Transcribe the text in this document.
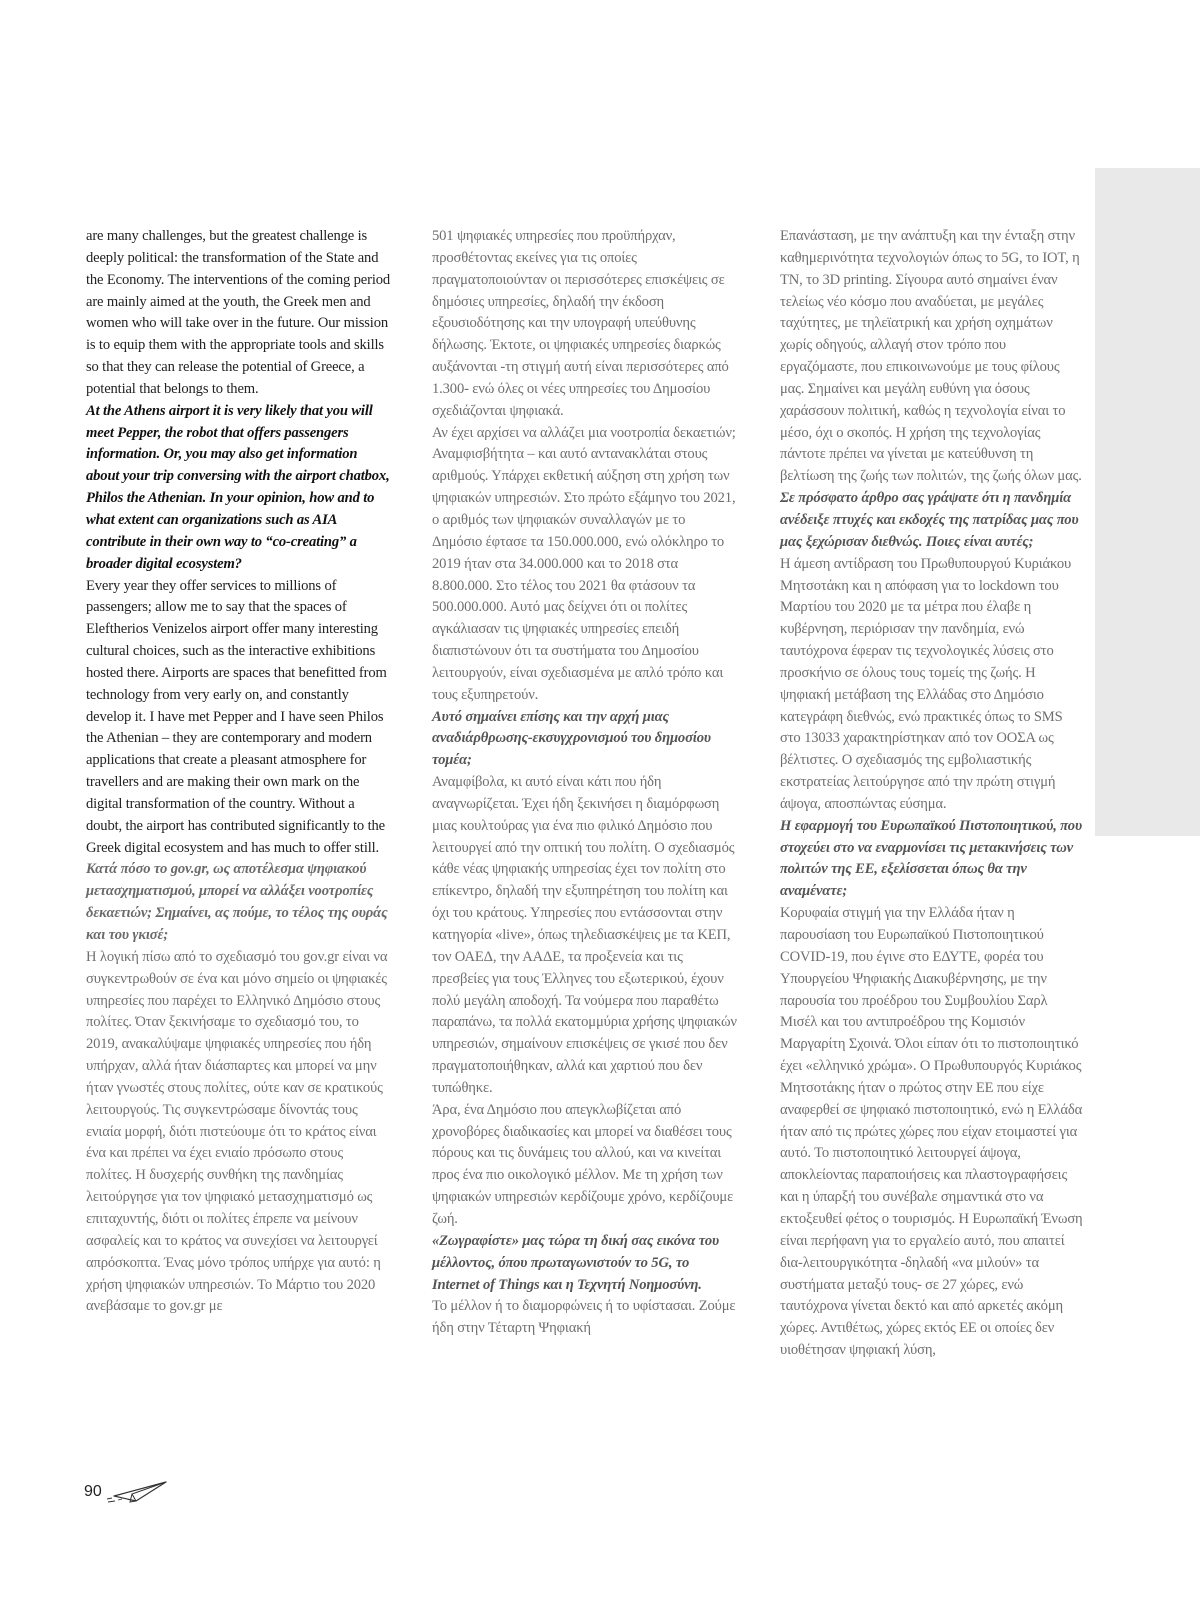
are many challenges, but the greatest challenge is deeply political: the transformation of the State and the Economy. The interventions of the coming period are mainly aimed at the youth, the Greek men and women who will take over in the future. Our mission is to equip them with the appropriate tools and skills so that they can release the potential of Greece, a potential that belongs to them.

At the Athens airport it is very likely that you will meet Pepper, the robot that offers passengers information. Or, you may also get information about your trip conversing with the airport chatbox, Philos the Athenian. In your opinion, how and to what extent can organizations such as AIA contribute in their own way to “co-creating” a broader digital ecosystem?

Every year they offer services to millions of passengers; allow me to say that the spaces of Eleftherios Venizelos airport offer many interesting cultural choices, such as the interactive exhibitions hosted there. Airports are spaces that benefitted from technology from very early on, and constantly develop it. I have met Pepper and I have seen Philos the Athenian – they are contemporary and modern applications that create a pleasant atmosphere for travellers and are making their own mark on the digital transformation of the country. Without a doubt, the airport has contributed significantly to the Greek digital ecosystem and has much to offer still.

Κατά πόσο το gov.gr, ως αποτέλεσμα ψηφιακού μετασχηματισμού, μπορεί να αλλάξει νοοτροπίες δεκαετιών; Σημαίνει, ας πούμε, το τέλος της ουράς και του γκισέ;

Η λογική πίσω από το σχεδιασμό του gov.gr είναι να συγκεντρωθούν σε ένα και μόνο σημείο οι ψηφιακές υπηρεσίες που παρέχει το Ελληνικό Δημόσιο στους πολίτες. Όταν ξεκινήσαμε το σχεδιασμό του, το 2019, ανακαλύψαμε ψηφιακές υπηρεσίες που ήδη υπήρχαν, αλλά ήταν διάσπαρτες και μπορεί να μην ήταν γνωστές στους πολίτες, ούτε καν σε κρατικούς λειτουργούς. Τις συγκεντρώσαμε δίνοντάς τους ενιαία μορφή, διότι πιστεύουμε ότι το κράτος είναι ένα και πρέπει να έχει ενιαίο πρόσωπο στους πολίτες. Η δυσχερής συνθήκη της πανδημίας λειτούργησε για τον ψηφιακό μετασχηματισμό ως επιταχυντής, διότι οι πολίτες έπρεπε να μείνουν ασφαλείς και το κράτος να συνεχίσει να λειτουργεί απρόσκοπτα. Ένας μόνο τρόπος υπήρχε για αυτό: η χρήση ψηφιακών υπηρεσιών. Το Μάρτιο του 2020 ανεβάσαμε το gov.gr με

501 ψηφιακές υπηρεσίες που προϋπήρχαν, προσθέτοντας εκείνες για τις οποίες πραγματοποιούνταν οι περισσότερες επισκέψεις σε δημόσιες υπηρεσίες, δηλαδή την έκδοση εξουσιοδότησης και την υπογραφή υπεύθυνης δήλωσης. Έκτοτε, οι ψηφιακές υπηρεσίες διαρκώς αυξάνονται -τη στιγμή αυτή είναι περισσότερες από 1.300- ενώ όλες οι νέες υπηρεσίες του Δημοσίου σχεδιάζονται ψηφιακά.

Αν έχει αρχίσει να αλλάζει μια νοοτροπία δεκαετιών; Αναμφισβήτητα – και αυτό αντανακλάται στους αριθμούς. Υπάρχει εκθετική αύξηση στη χρήση των ψηφιακών υπηρεσιών. Στο πρώτο εξάμηνο του 2021, ο αριθμός των ψηφιακών συναλλαγών με το Δημόσιο έφτασε τα 150.000.000, ενώ ολόκληρο το 2019 ήταν στα 34.000.000 και το 2018 στα 8.800.000. Στο τέλος του 2021 θα φτάσουν τα 500.000.000. Αυτό μας δείχνει ότι οι πολίτες αγκάλιασαν τις ψηφιακές υπηρεσίες επειδή διαπιστώνουν ότι τα συστήματα του Δημοσίου λειτουργούν, είναι σχεδιασμένα με απλό τρόπο και τους εξυπηρετούν.

Αυτό σημαίνει επίσης και την αρχή μιας αναδιάρθρωσης-εκσυγχρονισμού του δημοσίου τομέα;

Αναμφίβολα, κι αυτό είναι κάτι που ήδη αναγνωρίζεται. Έχει ήδη ξεκινήσει η διαμόρφωση μιας κουλτούρας για ένα πιο φιλικό Δημόσιο που λειτουργεί από την οπτική του πολίτη. Ο σχεδιασμός κάθε νέας ψηφιακής υπηρεσίας έχει τον πολίτη στο επίκεντρο, δηλαδή την εξυπηρέτηση του πολίτη και όχι του κράτους. Υπηρεσίες που εντάσσονται στην κατηγορία «live», όπως τηλεδιασκέψεις με τα ΚΕΠ, τον ΟΑΕΔ, την ΑΑΔΕ, τα προξενεία και τις πρεσβείες για τους Έλληνες του εξωτερικού, έχουν πολύ μεγάλη αποδοχή. Τα νούμερα που παραθέτω παραπάνω, τα πολλά εκατομμύρια χρήσης ψηφιακών υπηρεσιών, σημαίνουν επισκέψεις σε γκισέ που δεν πραγματοποιήθηκαν, αλλά και χαρτιού που δεν τυπώθηκε.

Άρα, ένα Δημόσιο που απεγκλωβίζεται από χρονοβόρες διαδικασίες και μπορεί να διαθέσει τους πόρους και τις δυνάμεις του αλλού, και να κινείται προς ένα πιο οικολογικό μέλλον. Με τη χρήση των ψηφιακών υπηρεσιών κερδίζουμε χρόνο, κερδίζουμε ζωή.

«Ζωγραφίστε» μας τώρα τη δική σας εικόνα του μέλλοντος, όπου πρωταγωνιστούν το 5G, το Internet of Things και η Τεχνητή Νοημοσύνη.

Το μέλλον ή το διαμορφώνεις ή το υφίστασαι. Ζούμε ήδη στην Τέταρτη Ψηφιακή

Επανάσταση, με την ανάπτυξη και την ένταξη στην καθημερινότητα τεχνολογιών όπως το 5G, το IOT, η ΤΝ, το 3D printing. Σίγουρα αυτό σημαίνει έναν τελείως νέο κόσμο που αναδύεται, με μεγάλες ταχύτητες, με τηλεϊατρική και χρήση οχημάτων χωρίς οδηγούς, αλλαγή στον τρόπο που εργαζόμαστε, που επικοινωνούμε με τους φίλους μας. Σημαίνει και μεγάλη ευθύνη για όσους χαράσσουν πολιτική, καθώς η τεχνολογία είναι το μέσο, όχι ο σκοπός. Η χρήση της τεχνολογίας πάντοτε πρέπει να γίνεται με κατεύθυνση τη βελτίωση της ζωής των πολιτών, της ζωής όλων μας.

Σε πρόσφατο άρθρο σας γράψατε ότι η πανδημία ανέδειξε πτυχές και εκδοχές της πατρίδας μας που μας ξεχώρισαν διεθνώς. Ποιες είναι αυτές;

Η άμεση αντίδραση του Πρωθυπουργού Κυριάκου Μητσοτάκη και η απόφαση για το lockdown του Μαρτίου του 2020 με τα μέτρα που έλαβε η κυβέρνηση, περιόρισαν την πανδημία, ενώ ταυτόχρονα έφεραν τις τεχνολογικές λύσεις στο προσκήνιο σε όλους τους τομείς της ζωής. Η ψηφιακή μετάβαση της Ελλάδας στο Δημόσιο κατεγράφη διεθνώς, ενώ πρακτικές όπως το SMS στο 13033 χαρακτηρίστηκαν από τον ΟΟΣΑ ως βέλτιστες. Ο σχεδιασμός της εμβολιαστικής εκστρατείας λειτούργησε από την πρώτη στιγμή άψογα, αποσπώντας εύσημα.

Η εφαρμογή του Ευρωπαϊκού Πιστοποιητικού, που στοχεύει στο να εναρμονίσει τις μετακινήσεις των πολιτών της ΕΕ, εξελίσσεται όπως θα την αναμένατε;

Κορυφαία στιγμή για την Ελλάδα ήταν η παρουσίαση του Ευρωπαϊκού Πιστοποιητικού COVID-19, που έγινε στο ΕΔΥΤΕ, φορέα του Υπουργείου Ψηφιακής Διακυβέρνησης, με την παρουσία του προέδρου του Συμβουλίου Σαρλ Μισέλ και του αντιπροέδρου της Κομισιόν Μαργαρίτη Σχοινά. Όλοι είπαν ότι το πιστοποιητικό έχει «ελληνικό χρώμα». Ο Πρωθυπουργός Κυριάκος Μητσοτάκης ήταν ο πρώτος στην ΕΕ που είχε αναφερθεί σε ψηφιακό πιστοποιητικό, ενώ η Ελλάδα ήταν από τις πρώτες χώρες που είχαν ετοιμαστεί για αυτό. Το πιστοποιητικό λειτουργεί άψογα, αποκλείοντας παραποιήσεις και πλαστογραφήσεις και η ύπαρξή του συνέβαλε σημαντικά στο να εκτοξευθεί φέτος ο τουρισμός. Η Ευρωπαϊκή Ένωση είναι περήφανη για το εργαλείο αυτό, που απαιτεί δια-λειτουργικότητα -δηλαδή «να μιλούν» τα συστήματα μεταξύ τους- σε 27 χώρες, ενώ ταυτόχρονα γίνεται δεκτό και από αρκετές ακόμη χώρες. Αντιθέτως, χώρες εκτός ΕΕ οι οποίες δεν υιοθέτησαν ψηφιακή λύση,

90
